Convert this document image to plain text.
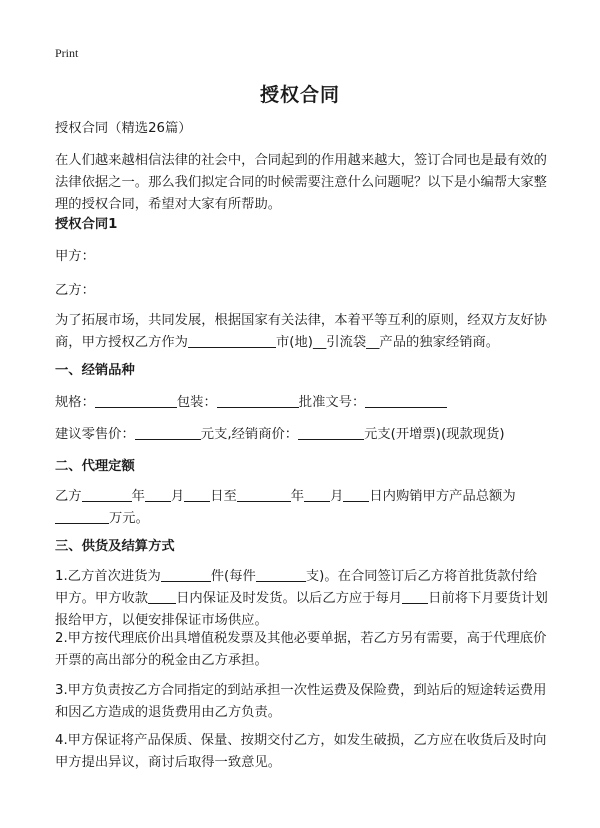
Print
授权合同
授权合同（精选26篇）
在人们越来越相信法律的社会中，合同起到的作用越来越大，签订合同也是最有效的法律依据之一。那么我们拟定合同的时候需要注意什么问题呢？以下是小编帮大家整理的授权合同，希望对大家有所帮助。
授权合同1
甲方：
乙方：
为了拓展市场，共同发展，根据国家有关法律，本着平等互利的原则，经双方友好协商，甲方授权乙方作为	市(地)__引流袋__产品的独家经销商。
一、经销品种
规格：	包装：	批准文号：
建议零售价：	元支,经销商价：	元支(开增票)(现款现货)
二、代理定额
乙方	年 月 日至	年 月 日内购销甲方产品总额为
万元。
三、供货及结算方式
1.乙方首次进货为	件(每件	支)。在合同签订后乙方将首批货款付给甲方。甲方收款 日内保证及时发货。以后乙方应于每月 日前将下月要货计划报给甲方，以便安排保证市场供应。
2.甲方按代理底价出具增值税发票及其他必要单据，若乙方另有需要，高于代理底价开票的高出部分的税金由乙方承担。
3.甲方负责按乙方合同指定的到站承担一次性运费及保险费，到站后的短途转运费用和因乙方造成的退货费用由乙方负责。
4.甲方保证将产品保质、保量、按期交付乙方，如发生破损，乙方应在收货后及时向甲方提出异议，商讨后取得一致意见。
